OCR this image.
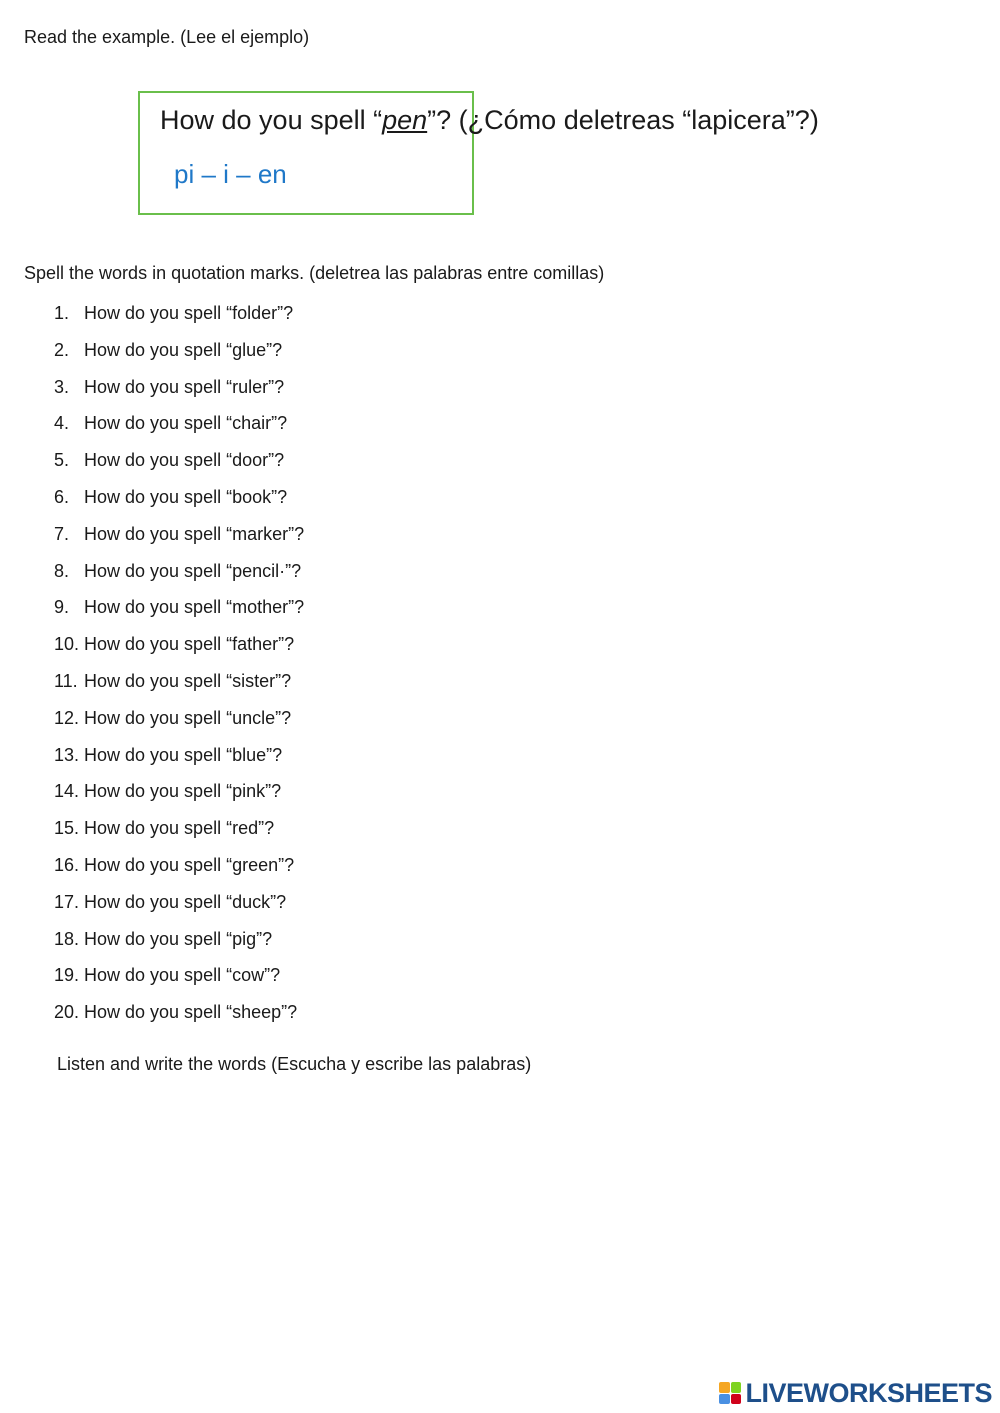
Read the example. (Lee el ejemplo)
How do you spell “pen”? (¿Cómo deletreas “lapicera”?)
pi – i – en
Spell the words in quotation marks. (deletrea las palabras entre comillas)
1. How do you spell “folder”?
2. How do you spell “glue”?
3. How do you spell “ruler”?
4. How do you spell “chair”?
5. How do you spell “door”?
6. How do you spell “book”?
7. How do you spell “marker”?
8. How do you spell “pencil·”?
9. How do you spell “mother”?
10. How do you spell “father”?
11. How do you spell “sister”?
12. How do you spell “uncle”?
13. How do you spell “blue”?
14. How do you spell “pink”?
15. How do you spell “red”?
16. How do you spell “green”?
17. How do you spell “duck”?
18. How do you spell “pig”?
19. How do you spell “cow”?
20. How do you spell “sheep”?
Listen and write the words (Escucha y escribe las palabras)
LIVEWORKSHEETS
